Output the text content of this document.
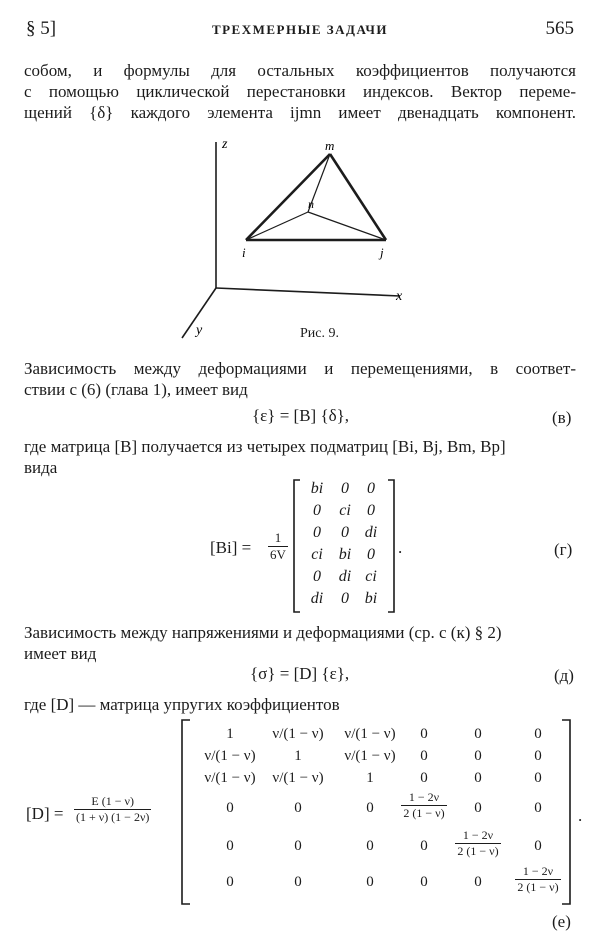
§ 5]	ТРЕХМЕРНЫЕ ЗАДАЧИ	565
собом, и формулы для остальных коэффициентов получаются
с помощью циклической перестановки индексов. Вектор переме-
щений {δ} каждого элемента ijmn имеет двенадцать компонент.
z
x
y
m
n
i	j
Рис. 9.
Зависимость между деформациями и перемещениями, в соответ-
ствии с (6) (глава 1), имеет вид
{ε} = [B] {δ},	(в)
где матрица [B] получается из четырех подматриц [Bi, Bj, Bm, Bp]
вида
$[Bi] = \frac{1}{6V}$
bi	0	0
0	ci	0
0	0 di
ci	bi 0
0	di ci
di	0 bi
.	(г)
Зависимость между напряжениями и деформациями (ср. с (к) § 2)
имеет вид
{σ} = [D] {ε},	(д)
где [D] — матрица упругих коэффициентов
$[D] = \frac{E (1 - \nu)}{(1 + \nu) (1 - 2\nu)}$
1	ν/(1 − ν)	ν/(1 − ν)	0	0	0
ν/(1 − ν)	1	ν/(1 − ν)	0	0	0
ν/(1 − ν)	ν/(1 − ν)	1	0	0	0
0	0	0	$\frac{1 - 2\nu}{2 (1 - \nu)}$	0	0
0	0	0	0	$\frac{1 - 2\nu}{2 (1 - \nu)}$	0
0	0	0	0	0	$\frac{1 - 2\nu}{2 (1 - \nu)}$
.
(е)
